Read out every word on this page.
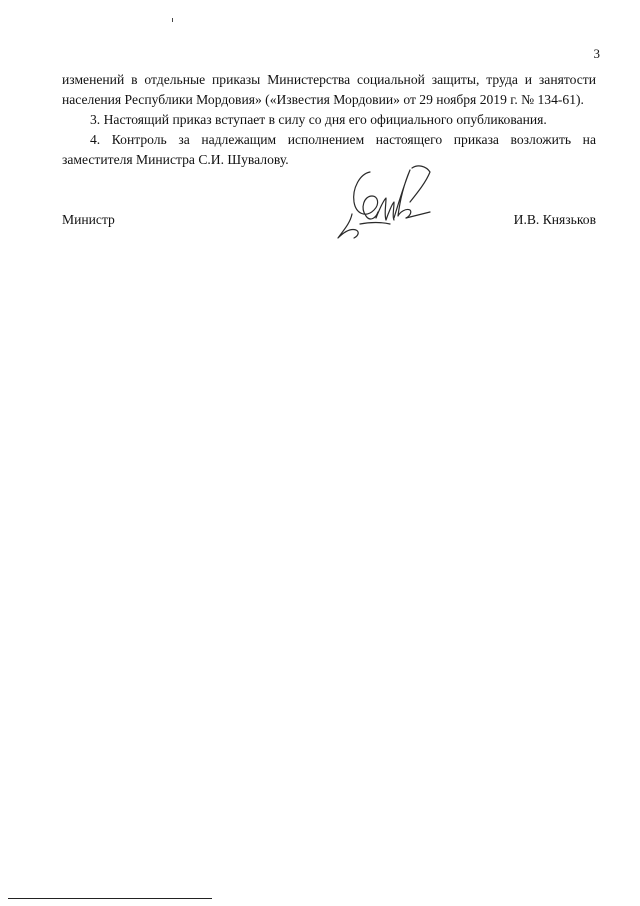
3

изменений в отдельные приказы Министерства социальной защиты, труда и занятости населения Республики Мордовия» («Известия Мордовии» от 29 ноября 2019 г. № 134-61).

3. Настоящий приказ вступает в силу со дня его официального опубликования.

4. Контроль за надлежащим исполнением настоящего приказа возложить на заместителя Министра С.И. Шувалову.

Министр	И.В. Князьков
